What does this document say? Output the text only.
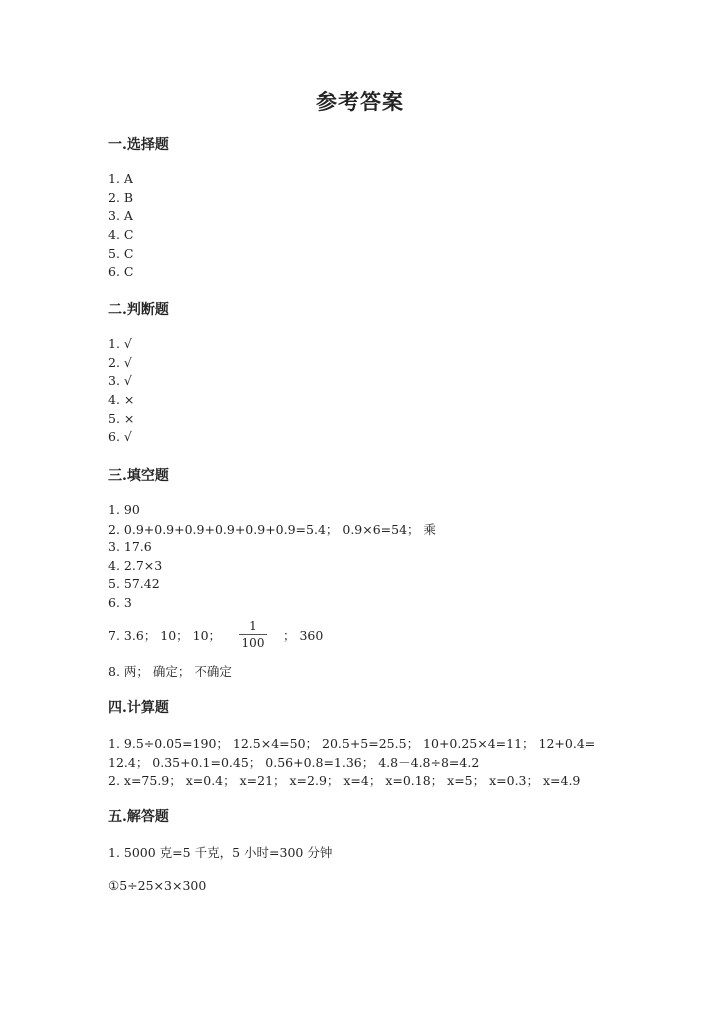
参考答案
一.选择题
1. A
2. B
3. A
4. C
5. C
6. C
二.判断题
1. √
2. √
3. √
4. ×
5. ×
6. √
三.填空题
1. 90
2. 0.9+0.9+0.9+0.9+0.9+0.9=5.4； 0.9×6=54； 乘
3. 17.6
4. 2.7×3
5. 57.42
6. 3
7. 3.6； 10； 10；
1
100 ； 360
8. 两； 确定； 不确定
四.计算题
1. 9.5÷0.05=190； 12.5×4=50； 20.5+5=25.5； 10+0.25×4=11； 12+0.4=
12.4； 0.35+0.1=0.45； 0.56+0.8=1.36； 4.8－4.8÷8=4.2
2. x=75.9； x=0.4； x=21； x=2.9； x=4； x=0.18； x=5； x=0.3； x=4.9
五.解答题
1. 5000 克=5 千克，5 小时=300 分钟
①5÷25×3×300
